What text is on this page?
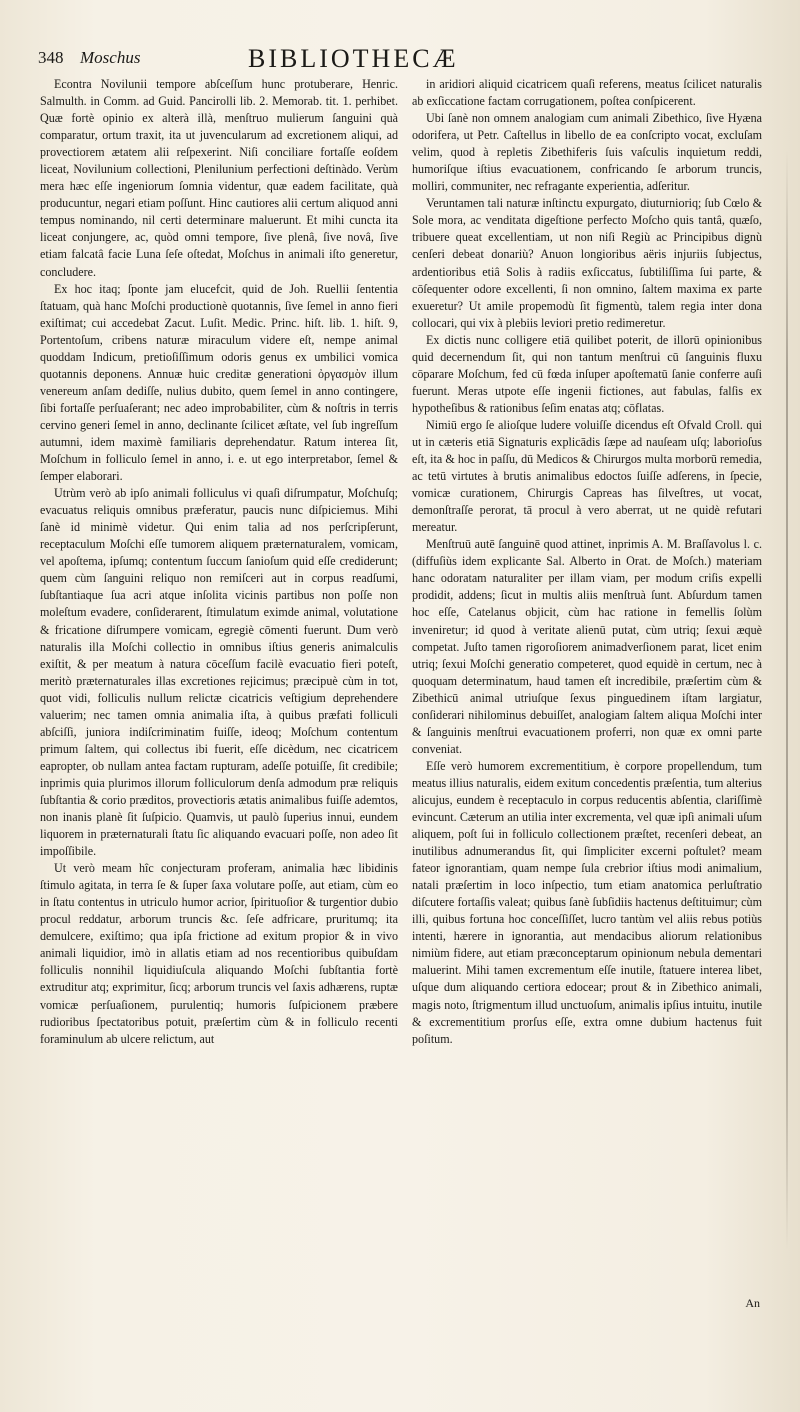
348 Moschus	BIBLIOTHECÆ

Econtra Novilunii tempore abſceſſum hunc protuberare, Henric. Salmulth. in Comm. ad Guid. Pancirolli lib. 2. Memorab. tit. 1. perhibet. Quæ fortè opinio ex alterà illà, menſtruo mulierum ſanguini quà comparatur, ortum traxit, ita ut juvencularum ad excretionem aliqui, ad provectiorem ætatem alii reſpexerint. Niſi conciliare fortaſſe eoſdem liceat, Novilunium collectioni, Plenilunium perfectioni deſtinàdo. Verùm mera hæc eſſe ingeniorum ſomnia videntur, quæ eadem facilitate, quà producuntur, negari etiam poſſunt. Hinc cautiores alii certum aliquod anni tempus nominando, nil certi determinare maluerunt. Et mihi cuncta ita liceat conjungere, ac, quòd omni tempore, ſive plenâ, ſive novâ, ſive etiam falcatâ facie Luna ſeſe oſtedat, Moſchus in animali iſto generetur, concludere.

Ex hoc itaq; ſponte jam elucefcit, quid de Joh. Ruellii ſententia ſtatuam, quà hanc Moſchi productionè quotannis, ſive ſemel in anno fieri exiſtimat; cui accedebat Zacut. Luſit. Medic. Princ. hiſt. lib. 1. hiſt. 9, Portentoſum, cribens naturæ miraculum videre eſt, nempe animal quoddam Indicum, pretioſiſſimum odoris genus ex umbilici vomica quotannis deponens. Annuæ huic creditæ generationi ὀργασμὸν illum venereum anſam dediſſe, nulius dubito, quem ſemel in anno contingere, ſibi fortaſſe perſuaſerant; nec adeo improbabiliter, cùm & noſtris in terris cervino generi ſemel in anno, declinante ſcilicet æſtate, vel ſub ingreſſum autumni, idem maximè familiaris deprehendatur. Ratum interea ſit, Moſchum in folliculo ſemel in anno, i. e. ut ego interpretabor, ſemel & ſemper elaborari.

Utrùm verò ab ipſo animali folliculus vi quaſi diſrumpatur, Moſchuſq; evacuatus reliquis omnibus præferatur, paucis nunc diſpiciemus. Mihi ſanè id minimè videtur. Qui enim talia ad nos perſcripſerunt, receptaculum Moſchi eſſe tumorem aliquem præternaturalem, vomicam, vel apoſtema, ipſumq; contentum ſuccum ſanioſum quid eſſe crediderunt; quem cùm ſanguini reliquo non remiſceri aut in corpus readſumi, ſubſtantiaque ſua acri atque inſolita vicinis partibus non poſſe non moleſtum evadere, conſiderarent, ſtimulatum eximde animal, volutatione & fricatione diſrumpere vomicam, egregiè cōmenti fuerunt. Dum verò naturalis illa Moſchi collectio in omnibus iſtius generis animalculis exiſtit, & per meatum à natura cōceſſum facilè evacuatio fieri poteſt, meritò præternaturales illas excretiones rejicimus; præcipuè cùm in tot, quot vidi, folliculis nullum relictæ cicatricis veſtigium deprehendere valuerim; nec tamen omnia animalia iſta, à quibus præfati folliculi abſciſſi, juniora indiſcriminatim fuiſſe, ideoq; Moſchum contentum primum ſaltem, qui collectus ibi fuerit, eſſe dicèdum, nec cicatricem eapropter, ob nullam antea factam rupturam, adeſſe potuiſſe, ſit credibile; inprimis quia plurimos illorum folliculorum denſa admodum præ reliquis ſubſtantia & corio præditos, provectioris ætatis animalibus fuiſſe ademtos, non inanis planè ſit ſuſpicio. Quamvis, ut paulò ſuperius innui, eundem liquorem in præternaturali ſtatu ſic aliquando evacuari poſſe, non adeo ſit impoſſibile.

Ut verò meam hîc conjecturam proferam, animalia hæc libidinis ſtimulo agitata, in terra ſe & ſuper ſaxa volutare poſſe, aut etiam, cùm eo in ſtatu contentus in utriculo humor acrior, ſpirituoſior & turgentior dubio procul reddatur, arborum truncis &c. ſeſe adfricare, pruritumq; ita demulcere, exiſtimo; qua ipſa frictione ad exitum propior & in vivo animali liquidior, imò in allatis etiam ad nos recentioribus quibuſdam folliculis nonnihil liquidiuſcula aliquando Moſchi ſubſtantia fortè extruditur atq; exprimitur, ſicq; arborum truncis vel ſaxis adhærens, ruptæ vomicæ perſuaſionem, purulentiq; humoris ſuſpicionem præbere rudioribus ſpectatoribus potuit, præſertim cùm & in folliculo recenti foraminulum ab ulcere relictum, aut

in aridiori aliquid cicatricem quaſi referens, meatus ſcilicet naturalis ab exſiccatione factam corrugationem, poſtea conſpicerent.

Ubi ſanè non omnem analogiam cum animali Zibethico, ſive Hyæna odorifera, ut Petr. Caſtellus in libello de ea conſcripto vocat, excluſam velim, quod à repletis Zibethiferis ſuis vaſculis inquietum reddi, humoriſque iſtius evacuationem, confricando ſe arborum truncis, molliri, communiter, nec refragante experientia, adſeritur.

Veruntamen tali naturæ inſtinctu expurgato, diuturnioriq; ſub Cœlo & Sole mora, ac venditata digeſtione perfecto Moſcho quis tantâ, quæſo, tribuere queat excellentiam, ut non niſi Regiù ac Principibus dignù cenſeri debeat donariù? Anuon longioribus aëris injuriis ſubjectus, ardentioribus etiâ Solis à radiis exſiccatus, ſubtiliſſima ſui parte, & cōſequenter odore excellenti, ſi non omnino, ſaltem maxima ex parte exueretur? Ut amile propemodù ſit figmentù, talem regia inter dona collocari, qui vix à plebiis leviori pretio redimeretur.

Ex dictis nunc colligere etiā quilibet poterit, de illorū opinionibus quid decernendum ſit, qui non tantum menſtrui cū ſanguinis fluxu cōparare Moſchum, fed cū fœda inſuper apoſtematū ſanie conferre auſi fuerunt. Meras utpote eſſe ingenii fictiones, aut fabulas, falſis ex hypotheſibus & rationibus ſeſim enatas atq; cōflatas.

Nimiū ergo ſe alioſque ludere voluiſſe dicendus eſt Ofvald Croll. qui ut in cæteris etiā Signaturis explicādis ſæpe ad nauſeam uſq; laborioſus eſt, ita & hoc in paſſu, dū Medicos & Chirurgos multa morborū remedia, ac tetū virtutes à brutis animalibus edoctos ſuiſſe adſerens, in ſpecie, vomicæ curationem, Chirurgis Capreas has ſilveſtres, ut vocat, demonſtraſſe perorat, tā procul à vero aberrat, ut ne quidè refutari mereatur.

Menſtruū autē ſanguinē quod attinet, inprimis A. M. Braſſavolus l. c. (diffuſiùs idem explicante Sal. Alberto in Orat. de Moſch.) materiam hanc odoratam naturaliter per illam viam, per modum criſis expelli prodidit, addens; ſicut in multis aliis menſtruà ſunt. Abſurdum tamen hoc eſſe, Catelanus objicit, cùm hac ratione in femellis ſolùm inveniretur; id quod à veritate alienū putat, cùm utriq; ſexui æquè competat. Juſto tamen rigoroſiorem animadverſionem parat, licet enim utriq; ſexui Moſchi generatio competeret, quod equidè in certum, nec à quoquam determinatum, haud tamen eſt incredibile, præſertim cùm & Zibethicū animal utriuſque ſexus pinguedinem iſtam largiatur, conſiderari nihilominus debuiſſet, analogiam ſaltem aliqua Moſchi inter & ſanguinis menſtrui evacuationem proferri, non quæ ex omni parte conveniat.

Eſſe verò humorem excrementitium, è corpore propellendum, tum meatus illius naturalis, eidem exitum concedentis præſentia, tum alterius alicujus, eundem è receptaculo in corpus reducentis abſentia, clariſſimè evincunt. Cæterum an utilia inter excrementa, vel quæ ipſi animali uſum aliquem, poſt ſui in folliculo collectionem præſtet, recenſeri debeat, an inutilibus adnumerandus ſit, qui ſimpliciter excerni poſtulet? meam fateor ignorantiam, quam nempe ſula crebrior iſtius modi animalium, natali præſertim in loco inſpectio, tum etiam anatomica perluſtratio diſcutere fortaſſis valeat; quibus ſanè ſubſidiis hactenus deſtituimur; cùm illi, quibus fortuna hoc conceſſiſſet, lucro tantùm vel aliis rebus potiùs intenti, hærere in ignorantia, aut mendacibus aliorum relationibus nimiùm fidere, aut etiam præconceptarum opinionum nebula dementari maluerint. Mihi tamen excrementum eſſe inutile, ſtatuere interea libet, uſque dum aliquando certiora edocear; prout & in Zibethico animali, magis noto, ſtrigmentum illud unctuoſum, animalis ipſius intuitu, inutile & excrementitium prorſus eſſe, extra omne dubium hactenus fuit poſitum.

An
